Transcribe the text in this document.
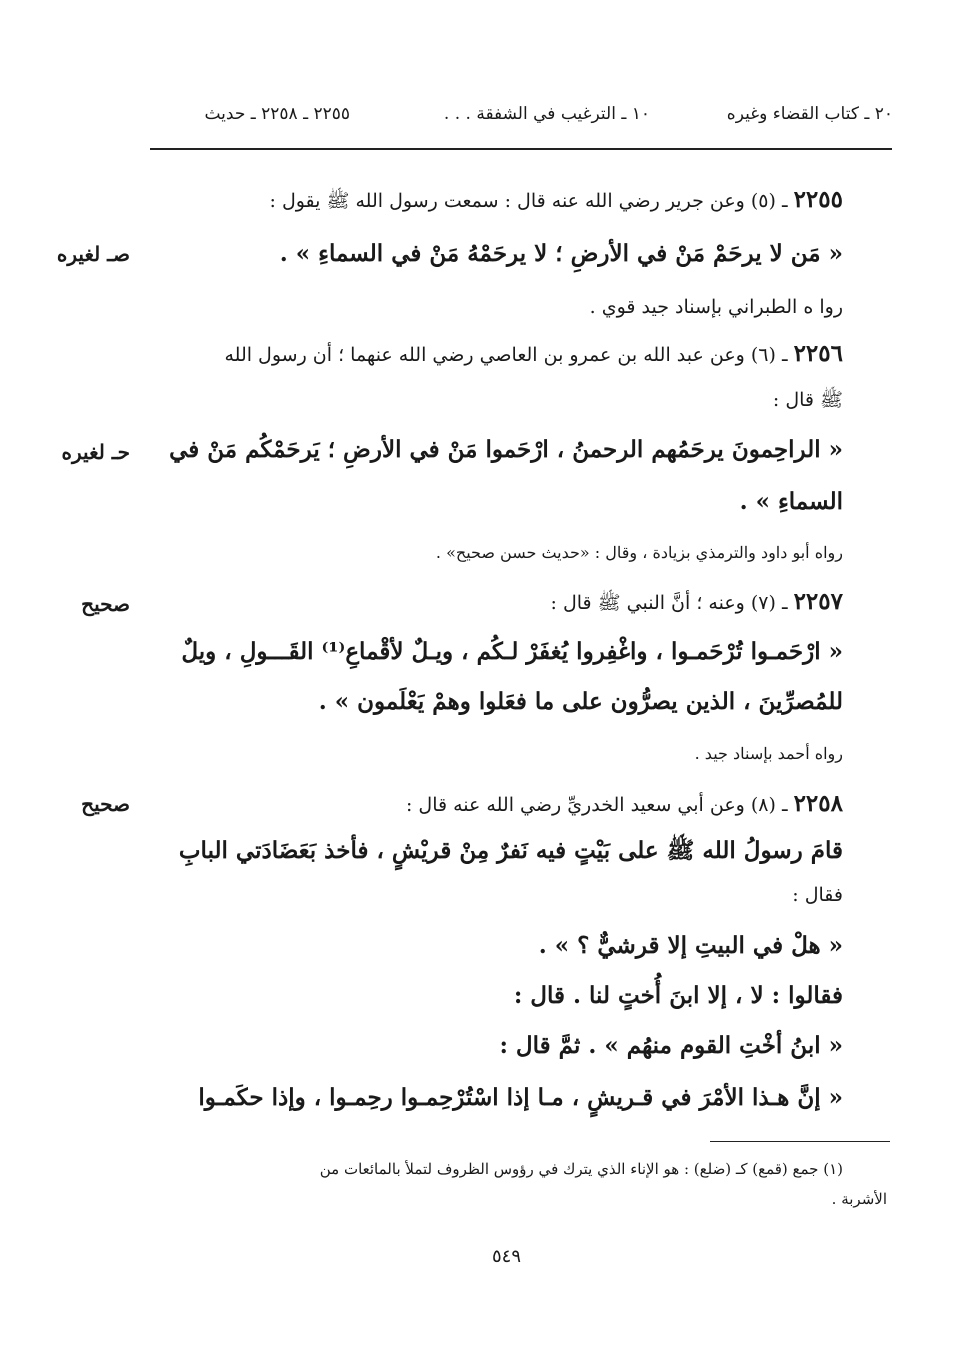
٢٠ ـ كتاب القضاء وغيره
١٠ ـ الترغيب في الشفقة . . .
٢٢٥٥ ـ ٢٢٥٨ ـ حديث
٢٢٥٥ ـ (٥) وعن جرير رضي الله عنه قال : سمعت رسول الله ﷺ يقول :
« مَن لا يرحَمْ مَنْ في الأرضِ ؛ لا يرحَمْهُ مَنْ في السماءِ » .
صـ لغيره
روا ه الطبراني بإسناد جيد قوي .
٢٢٥٦ ـ (٦) وعن عبد الله بن عمرو بن العاصي رضي الله عنهما ؛ أن رسول الله
ﷺ قال :
« الراحِمونَ يرحَمُهم الرحمنُ ، ارْحَموا مَنْ في الأرضِ ؛ يَرحَمْكُم مَنْ في
حـ لغيره
السماءِ » .
رواه أبو داود والترمذي بزيادة ، وقال : «حديث حسن صحيح» .
٢٢٥٧ ـ (٧) وعنه ؛ أنَّ النبي ﷺ قال :
صحيح
« ارْحَمـوا تُرْحَمـوا ، واغْفِروا يُغفَرْ لـكُم ، ويـلٌ لأقْماعِ⁽¹⁾ القَـــولِ ، ويلٌ
للمُصرِّينَ ، الذين يصرُّون على ما فعَلوا وهمْ يَعْلَمون » .
رواه أحمد بإسناد جيد .
٢٢٥٨ ـ (٨) وعن أبي سعيد الخدريِّ رضي الله عنه قال :
صحيح
قامَ رسولُ الله ﷺ على بَيْتٍ فيه نَفرٌ مِنْ قريْشٍ ، فأخذ بَعَضَادَتي البابِ
فقال :
« هلْ في البيتِ إلا قرشيٌّ ؟ » .
فقالوا : لا ، إلا ابنَ أُختٍ لنا . قال :
« ابنُ أخْتِ القوم منهُم » . ثمَّ قال :
« إنَّ هـذا الأمْرَ في قـريشٍ ، مـا إذا اسْتُرْحِمـوا رحِمـوا ، وإذا حكَمـوا
(١) جمع (قمع) كـ (ضلع) : هو الإناء الذي يترك في رؤوس الظروف لتملأ بالمائعات من
الأشربة .
٥٤٩
